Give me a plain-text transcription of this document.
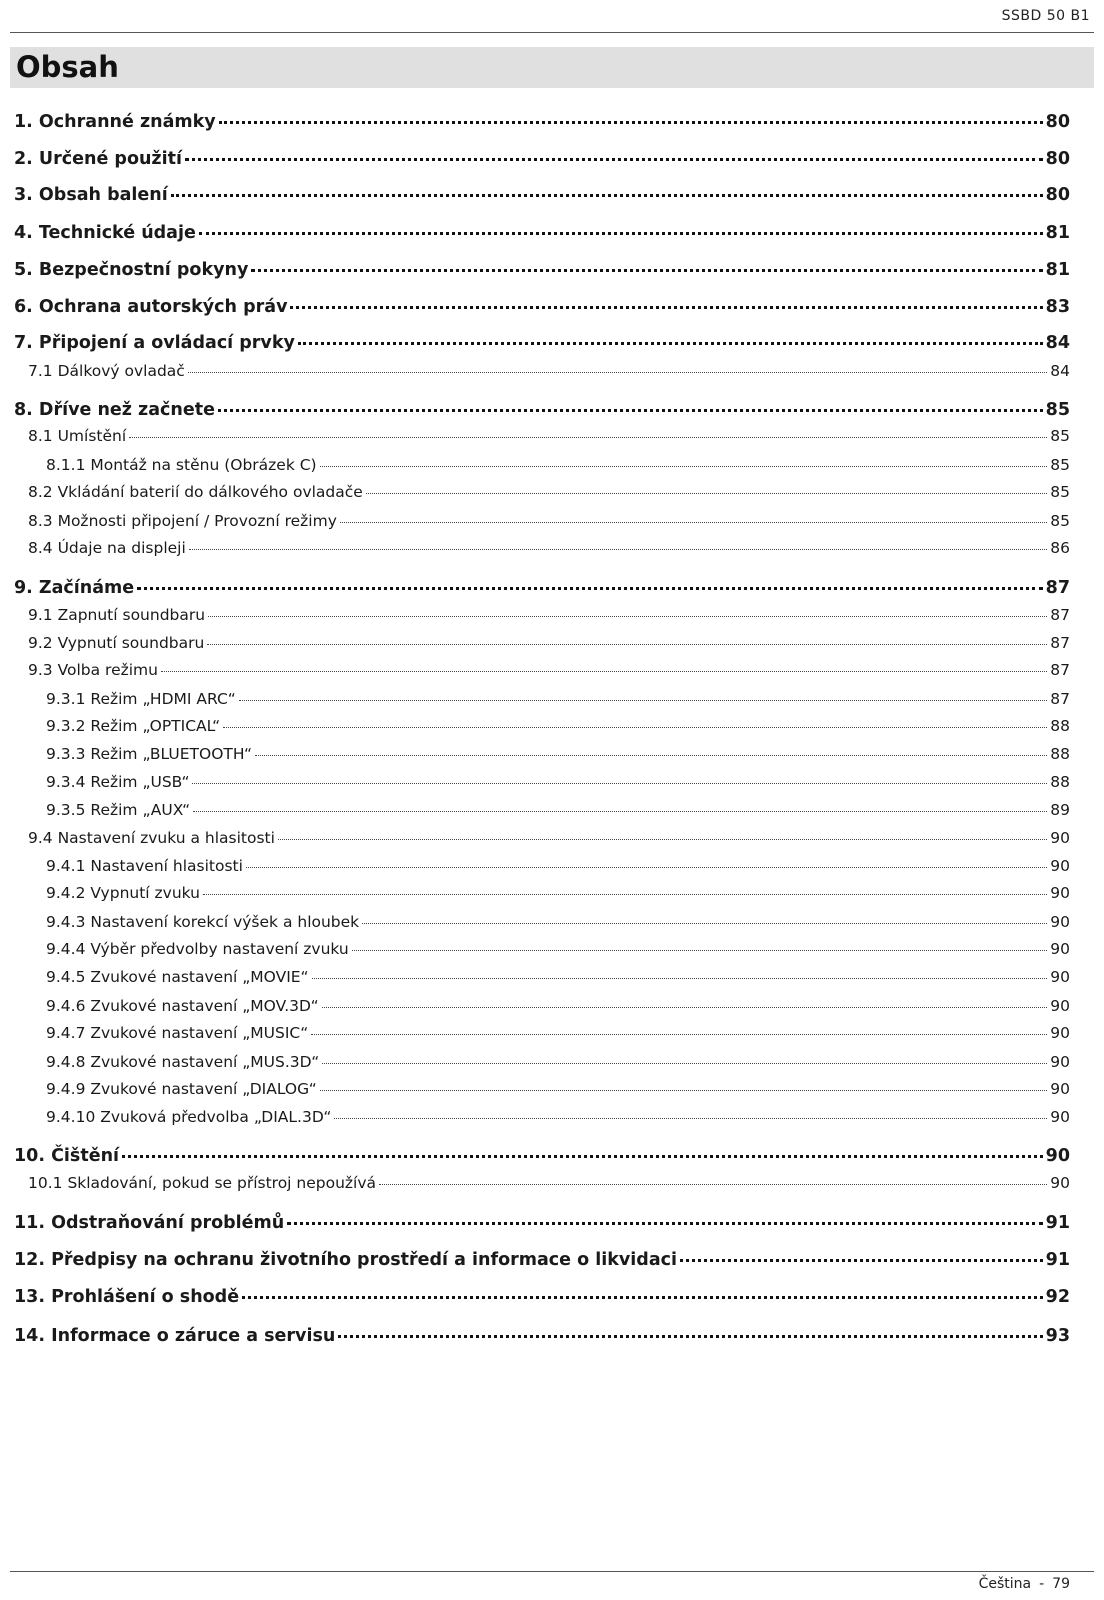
SSBD 50 B1
Obsah
1. Ochranné známky	80
2. Určené použití	80
3. Obsah balení	80
4. Technické údaje	81
5. Bezpečnostní pokyny	81
6. Ochrana autorských práv	83
7. Připojení a ovládací prvky	84
7.1 Dálkový ovladač	84
8. Dříve než začnete	85
8.1 Umístění	85
8.1.1 Montáž na stěnu (Obrázek C)	85
8.2 Vkládání baterií do dálkového ovladače	85
8.3 Možnosti připojení / Provozní režimy	85
8.4 Údaje na displeji	86
9. Začínáme	87
9.1 Zapnutí soundbaru	87
9.2 Vypnutí soundbaru	87
9.3 Volba režimu	87
9.3.1 Režim „HDMI ARC“	87
9.3.2 Režim „OPTICAL“	88
9.3.3 Režim „BLUETOOTH“	88
9.3.4 Režim „USB“	88
9.3.5 Režim „AUX“	89
9.4 Nastavení zvuku a hlasitosti	90
9.4.1 Nastavení hlasitosti	90
9.4.2 Vypnutí zvuku	90
9.4.3 Nastavení korekcí výšek a hloubek	90
9.4.4 Výběr předvolby nastavení zvuku	90
9.4.5 Zvukové nastavení „MOVIE“	90
9.4.6 Zvukové nastavení „MOV.3D“	90
9.4.7 Zvukové nastavení „MUSIC“	90
9.4.8 Zvukové nastavení „MUS.3D“	90
9.4.9 Zvukové nastavení „DIALOG“	90
9.4.10 Zvuková předvolba „DIAL.3D“	90
10. Čištění	90
10.1 Skladování, pokud se přístroj nepoužívá	90
11. Odstraňování problémů	91
12. Předpisy na ochranu životního prostředí a informace o likvidaci	91
13. Prohlášení o shodě	92
14. Informace o záruce a servisu	93
Čeština - 79
